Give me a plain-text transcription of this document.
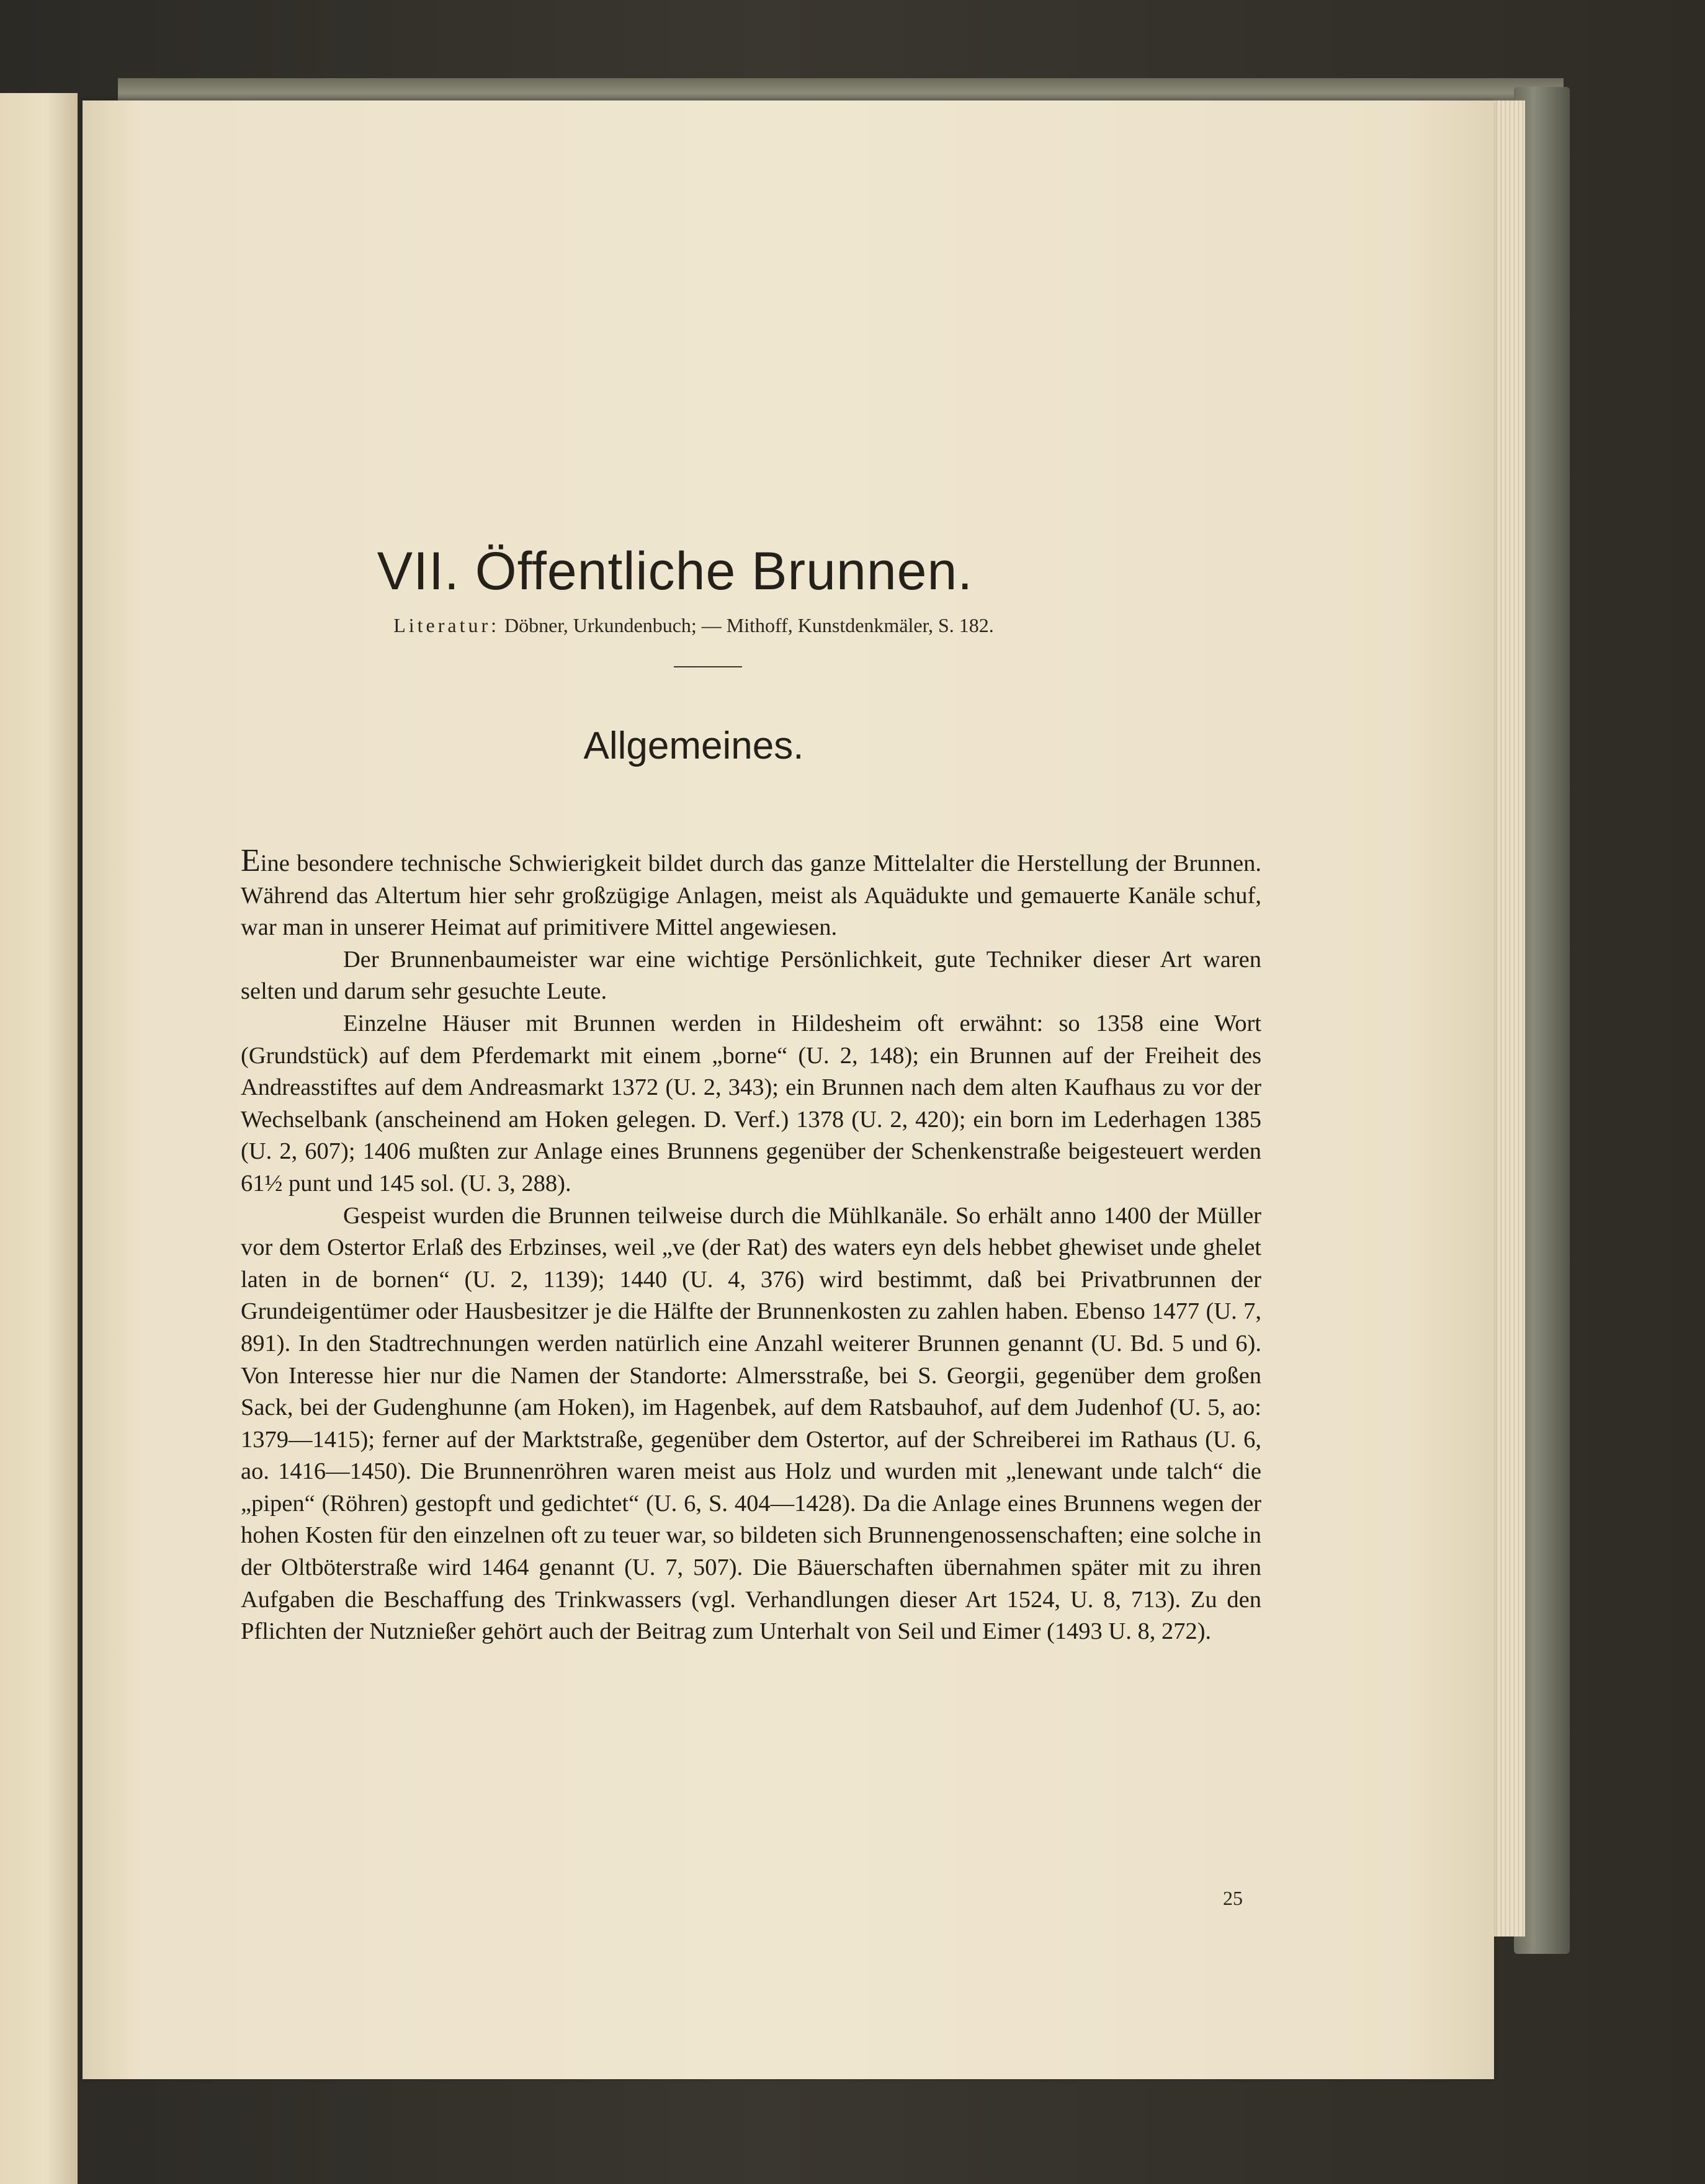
VII. Öffentliche Brunnen.
Literatur: Döbner, Urkundenbuch; — Mithoff, Kunstdenkmäler, S. 182.
Allgemeines.

Eine besondere technische Schwierigkeit bildet durch das ganze Mittelalter die Herstellung der Brunnen. Während das Altertum hier sehr großzügige Anlagen, meist als Aquädukte und gemauerte Kanäle schuf, war man in unserer Heimat auf primitivere Mittel angewiesen.

Der Brunnenbaumeister war eine wichtige Persönlichkeit, gute Techniker dieser Art waren selten und darum sehr gesuchte Leute.

Einzelne Häuser mit Brunnen werden in Hildesheim oft erwähnt: so 1358 eine Wort (Grundstück) auf dem Pferdemarkt mit einem „borne“ (U. 2, 148); ein Brunnen auf der Freiheit des Andreasstiftes auf dem Andreasmarkt 1372 (U. 2, 343); ein Brunnen nach dem alten Kaufhaus zu vor der Wechselbank (anscheinend am Hoken gelegen. D. Verf.) 1378 (U. 2, 420); ein born im Lederhagen 1385 (U. 2, 607); 1406 mußten zur Anlage eines Brunnens gegenüber der Schenkenstraße beigesteuert werden 61½ punt und 145 sol. (U. 3, 288).

Gespeist wurden die Brunnen teilweise durch die Mühlkanäle. So erhält anno 1400 der Müller vor dem Ostertor Erlaß des Erbzinses, weil „ve (der Rat) des waters eyn dels hebbet ghewiset unde ghelet laten in de bornen“ (U. 2, 1139); 1440 (U. 4, 376) wird bestimmt, daß bei Privatbrunnen der Grundeigentümer oder Hausbesitzer je die Hälfte der Brunnenkosten zu zahlen haben. Ebenso 1477 (U. 7, 891). In den Stadtrechnungen werden natürlich eine Anzahl weiterer Brunnen genannt (U. Bd. 5 und 6). Von Interesse hier nur die Namen der Standorte: Almersstraße, bei S. Georgii, gegenüber dem großen Sack, bei der Gudenghunne (am Hoken), im Hagenbek, auf dem Ratsbauhof, auf dem Judenhof (U. 5, ao: 1379—1415); ferner auf der Marktstraße, gegenüber dem Ostertor, auf der Schreiberei im Rathaus (U. 6, ao. 1416—1450). Die Brunnenröhren waren meist aus Holz und wurden mit „lenewant unde talch“ die „pipen“ (Röhren) gestopft und gedichtet“ (U. 6, S. 404—1428). Da die Anlage eines Brunnens wegen der hohen Kosten für den einzelnen oft zu teuer war, so bildeten sich Brunnengenossenschaften; eine solche in der Oltböterstraße wird 1464 genannt (U. 7, 507). Die Bäuerschaften übernahmen später mit zu ihren Aufgaben die Beschaffung des Trinkwassers (vgl. Verhandlungen dieser Art 1524, U. 8, 713). Zu den Pflichten der Nutznießer gehört auch der Beitrag zum Unterhalt von Seil und Eimer (1493 U. 8, 272).

25
